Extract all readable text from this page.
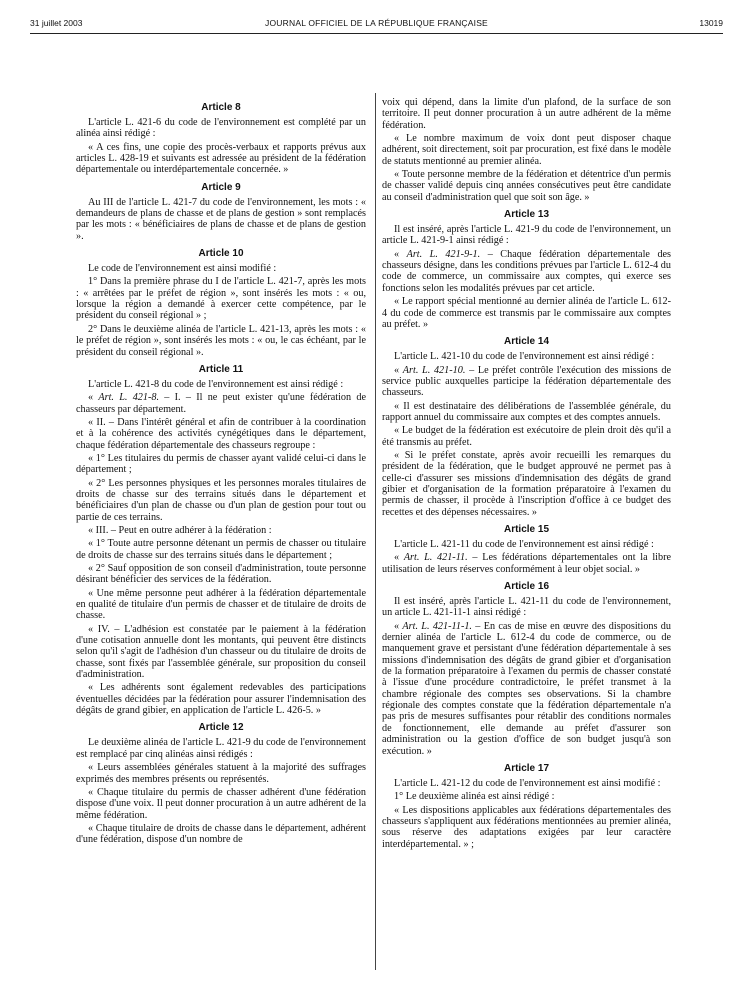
31 juillet 2003	JOURNAL OFFICIEL DE LA RÉPUBLIQUE FRANÇAISE	13019
Article 8

L'article L. 421-6 du code de l'environnement est complété par un alinéa ainsi rédigé :

« A ces fins, une copie des procès-verbaux et rapports prévus aux articles L. 428-19 et suivants est adressée au président de la fédération départementale ou interdépartementale concernée. »

Article 9

Au III de l'article L. 421-7 du code de l'environnement, les mots : « demandeurs de plans de chasse et de plans de gestion » sont remplacés par les mots : « bénéficiaires de plans de chasse et de plans de gestion ».

Article 10

Le code de l'environnement est ainsi modifié :

1° Dans la première phrase du I de l'article L. 421-7, après les mots : « arrêtées par le préfet de région », sont insérés les mots : « ou, lorsque la région a demandé à exercer cette compétence, par le président du conseil régional » ;

2° Dans le deuxième alinéa de l'article L. 421-13, après les mots : « le préfet de région », sont insérés les mots : « ou, le cas échéant, par le président du conseil régional ».

Article 11

L'article L. 421-8 du code de l'environnement est ainsi rédigé :

« Art. L. 421-8. – I. – Il ne peut exister qu'une fédération de chasseurs par département.

« II. – Dans l'intérêt général et afin de contribuer à la coordination et à la cohérence des activités cynégétiques dans le département, chaque fédération départementale des chasseurs regroupe :

« 1° Les titulaires du permis de chasser ayant validé celui-ci dans le département ;

« 2° Les personnes physiques et les personnes morales titulaires de droits de chasse sur des terrains situés dans le département et bénéficiaires d'un plan de chasse ou d'un plan de gestion pour tout ou partie de ces terrains.

« III. – Peut en outre adhérer à la fédération :

« 1° Toute autre personne détenant un permis de chasser ou titulaire de droits de chasse sur des terrains situés dans le département ;

« 2° Sauf opposition de son conseil d'administration, toute personne désirant bénéficier des services de la fédération.

« Une même personne peut adhérer à la fédération départementale en qualité de titulaire d'un permis de chasser et de titulaire de droits de chasse.

« IV. – L'adhésion est constatée par le paiement à la fédération d'une cotisation annuelle dont les montants, qui peuvent être distincts selon qu'il s'agit de l'adhésion d'un chasseur ou du titulaire de droits de chasse, sont fixés par l'assemblée générale, sur proposition du conseil d'administration.

« Les adhérents sont également redevables des participations éventuelles décidées par la fédération pour assurer l'indemnisation des dégâts de grand gibier, en application de l'article L. 426-5. »

Article 12

Le deuxième alinéa de l'article L. 421-9 du code de l'environnement est remplacé par cinq alinéas ainsi rédigés :

« Leurs assemblées générales statuent à la majorité des suffrages exprimés des membres présents ou représentés.

« Chaque titulaire du permis de chasser adhérent d'une fédération dispose d'une voix. Il peut donner procuration à un autre adhérent de la même fédération.

« Chaque titulaire de droits de chasse dans le département, adhérent d'une fédération, dispose d'un nombre de

voix qui dépend, dans la limite d'un plafond, de la surface de son territoire. Il peut donner procuration à un autre adhérent de la même fédération.

« Le nombre maximum de voix dont peut disposer chaque adhérent, soit directement, soit par procuration, est fixé dans le modèle de statuts mentionné au premier alinéa.

« Toute personne membre de la fédération et détentrice d'un permis de chasser validé depuis cinq années consécutives peut être candidate au conseil d'administration quel que soit son âge. »

Article 13

Il est inséré, après l'article L. 421-9 du code de l'environnement, un article L. 421-9-1 ainsi rédigé :

« Art. L. 421-9-1. – Chaque fédération départementale des chasseurs désigne, dans les conditions prévues par l'article L. 612-4 du code de commerce, un commissaire aux comptes, qui exerce ses fonctions selon les modalités prévues par cet article.

« Le rapport spécial mentionné au dernier alinéa de l'article L. 612-4 du code de commerce est transmis par le commissaire aux comptes au préfet. »

Article 14

L'article L. 421-10 du code de l'environnement est ainsi rédigé :

« Art. L. 421-10. – Le préfet contrôle l'exécution des missions de service public auxquelles participe la fédération départementale des chasseurs.

« Il est destinataire des délibérations de l'assemblée générale, du rapport annuel du commissaire aux comptes et des comptes annuels.

« Le budget de la fédération est exécutoire de plein droit dès qu'il a été transmis au préfet.

« Si le préfet constate, après avoir recueilli les remarques du président de la fédération, que le budget approuvé ne permet pas à celle-ci d'assurer ses missions d'indemnisation des dégâts de grand gibier et d'organisation de la formation préparatoire à l'examen du permis de chasser, il procède à l'inscription d'office à ce budget des recettes et des dépenses nécessaires. »

Article 15

L'article L. 421-11 du code de l'environnement est ainsi rédigé :

« Art. L. 421-11. – Les fédérations départementales ont la libre utilisation de leurs réserves conformément à leur objet social. »

Article 16

Il est inséré, après l'article L. 421-11 du code de l'environnement, un article L. 421-11-1 ainsi rédigé :

« Art. L. 421-11-1. – En cas de mise en œuvre des dispositions du dernier alinéa de l'article L. 612-4 du code de commerce, ou de manquement grave et persistant d'une fédération départementale à ses missions d'indemnisation des dégâts de grand gibier et d'organisation de la formation préparatoire à l'examen du permis de chasser constaté à l'issue d'une procédure contradictoire, le préfet transmet à la chambre régionale des comptes ses observations. Si la chambre régionale des comptes constate que la fédération départementale n'a pas pris de mesures suffisantes pour rétablir des conditions normales de fonctionnement, elle demande au préfet d'assurer son administration ou la gestion d'office de son budget jusqu'à son exécution. »

Article 17

L'article L. 421-12 du code de l'environnement est ainsi modifié :

1° Le deuxième alinéa est ainsi rédigé :

« Les dispositions applicables aux fédérations départementales des chasseurs s'appliquent aux fédérations mentionnées au premier alinéa, sous réserve des adaptations exigées par leur caractère interdépartemental. » ;
